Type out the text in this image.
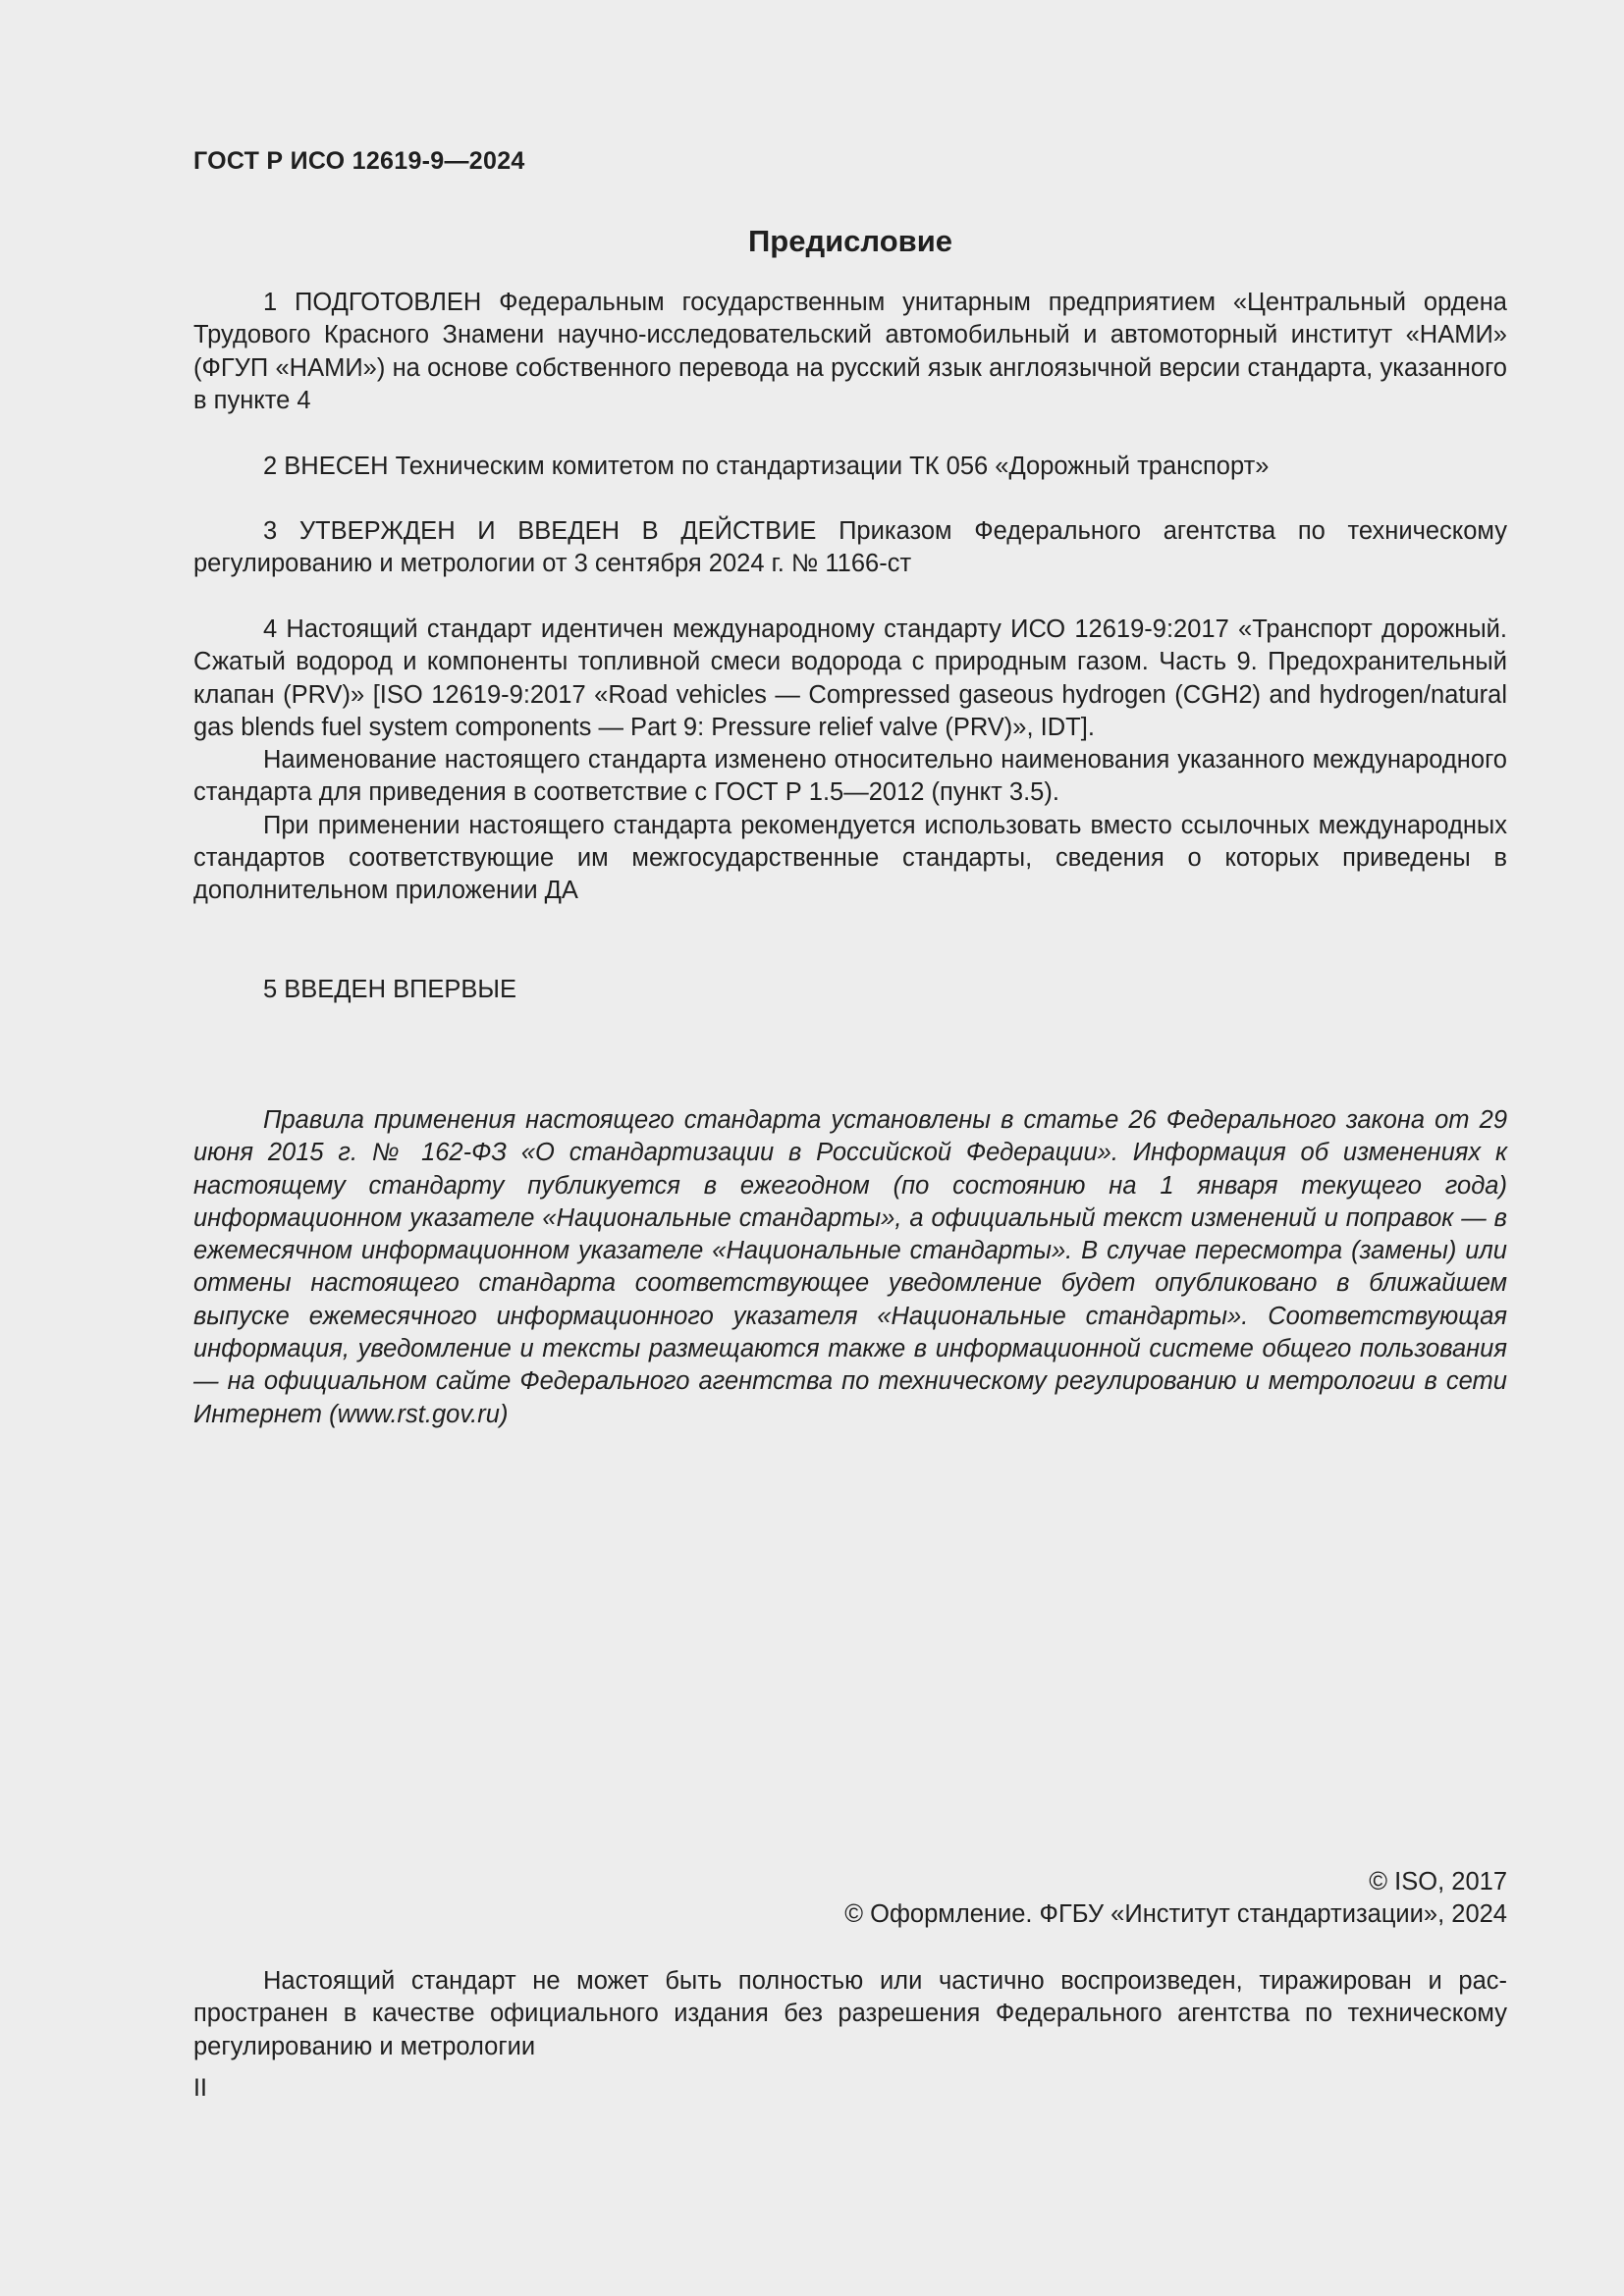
ГОСТ Р ИСО 12619-9—2024
Предисловие

1 ПОДГОТОВЛЕН Федеральным государственным унитарным предприятием «Центральный ордена Трудового Красного Знамени научно-исследовательский автомобильный и автомоторный институт «НАМИ» (ФГУП «НАМИ») на основе собственного перевода на русский язык англоязычной версии стандарта, указанного в пункте 4

2 ВНЕСЕН Техническим комитетом по стандартизации ТК 056 «Дорожный транспорт»

3 УТВЕРЖДЕН И ВВЕДЕН В ДЕЙСТВИЕ Приказом Федерального агентства по техническому регулированию и метрологии от 3 сентября 2024 г. № 1166-ст

4 Настоящий стандарт идентичен международному стандарту ИСО 12619-9:2017 «Транспорт дорожный. Сжатый водород и компоненты топливной смеси водорода с природным газом. Часть 9. Предохранительный клапан (PRV)» [ISO 12619-9:2017 «Road vehicles — Compressed gaseous hydrogen (CGH2) and hydrogen/natural gas blends fuel system components — Part 9: Pressure relief valve (PRV)», IDT].

Наименование настоящего стандарта изменено относительно наименования указанного международного стандарта для приведения в соответствие с ГОСТ Р 1.5—2012 (пункт 3.5).

При применении настоящего стандарта рекомендуется использовать вместо ссылочных международных стандартов соответствующие им межгосударственные стандарты, сведения о которых приведены в дополнительном приложении ДА

5 ВВЕДЕН ВПЕРВЫЕ

Правила применения настоящего стандарта установлены в статье 26 Федерального закона от 29 июня 2015 г. № 162-ФЗ «О стандартизации в Российской Федерации». Информация об изменениях к настоящему стандарту публикуется в ежегодном (по состоянию на 1 января текущего года) информационном указателе «Национальные стандарты», а официальный текст изменений и поправок — в ежемесячном информационном указателе «Национальные стандарты». В случае пересмотра (замены) или отмены настоящего стандарта соответствующее уведомление будет опубликовано в ближайшем выпуске ежемесячного информационного указателя «Национальные стандарты». Соответствующая информация, уведомление и тексты размещаются также в информационной системе общего пользования — на официальном сайте Федерального агентства по техническому регулированию и метрологии в сети Интернет (www.rst.gov.ru)

© ISO, 2017
© Оформление. ФГБУ «Институт стандартизации», 2024

Настоящий стандарт не может быть полностью или частично воспроизведен, тиражирован и распространен в качестве официального издания без разрешения Федерального агентства по техническому регулированию и метрологии

II
